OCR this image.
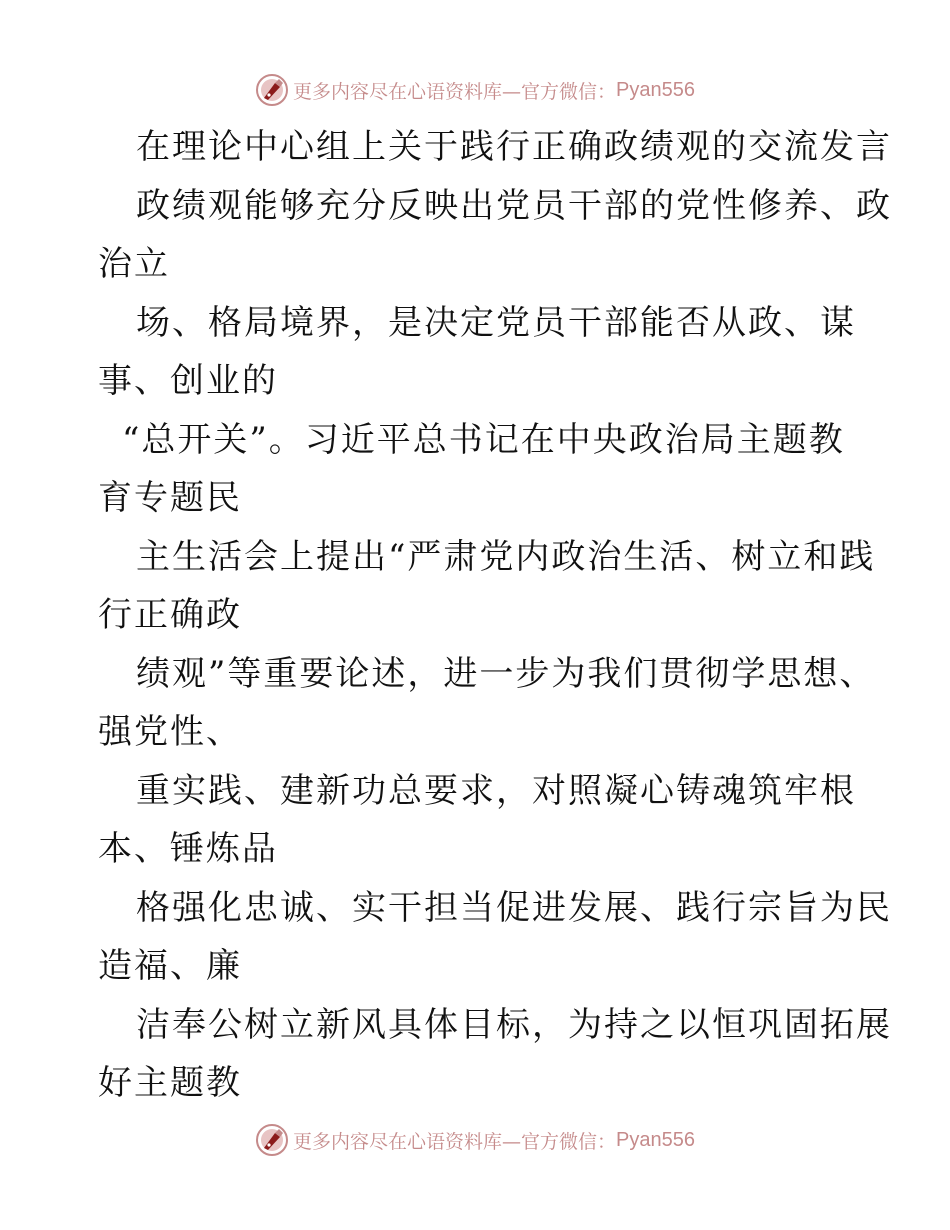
更多内容尽在心语资料库—官方微信： Pyan556
在理论中心组上关于践行正确政绩观的交流发言
政绩观能够充分反映出党员干部的党性修养、政
治立
场、格局境界，是决定党员干部能否从政、谋
事、创业的
“总开关”。习近平总书记在中央政治局主题教
育专题民
主生活会上提出“严肃党内政治生活、树立和践
行正确政
绩观”等重要论述，进一步为我们贯彻学思想、
强党性、
重实践、建新功总要求，对照凝心铸魂筑牢根
本、锤炼品
格强化忠诚、实干担当促进发展、践行宗旨为民
造福、廉
洁奉公树立新风具体目标，为持之以恒巩固拓展
好主题教
更多内容尽在心语资料库—官方微信： Pyan556
